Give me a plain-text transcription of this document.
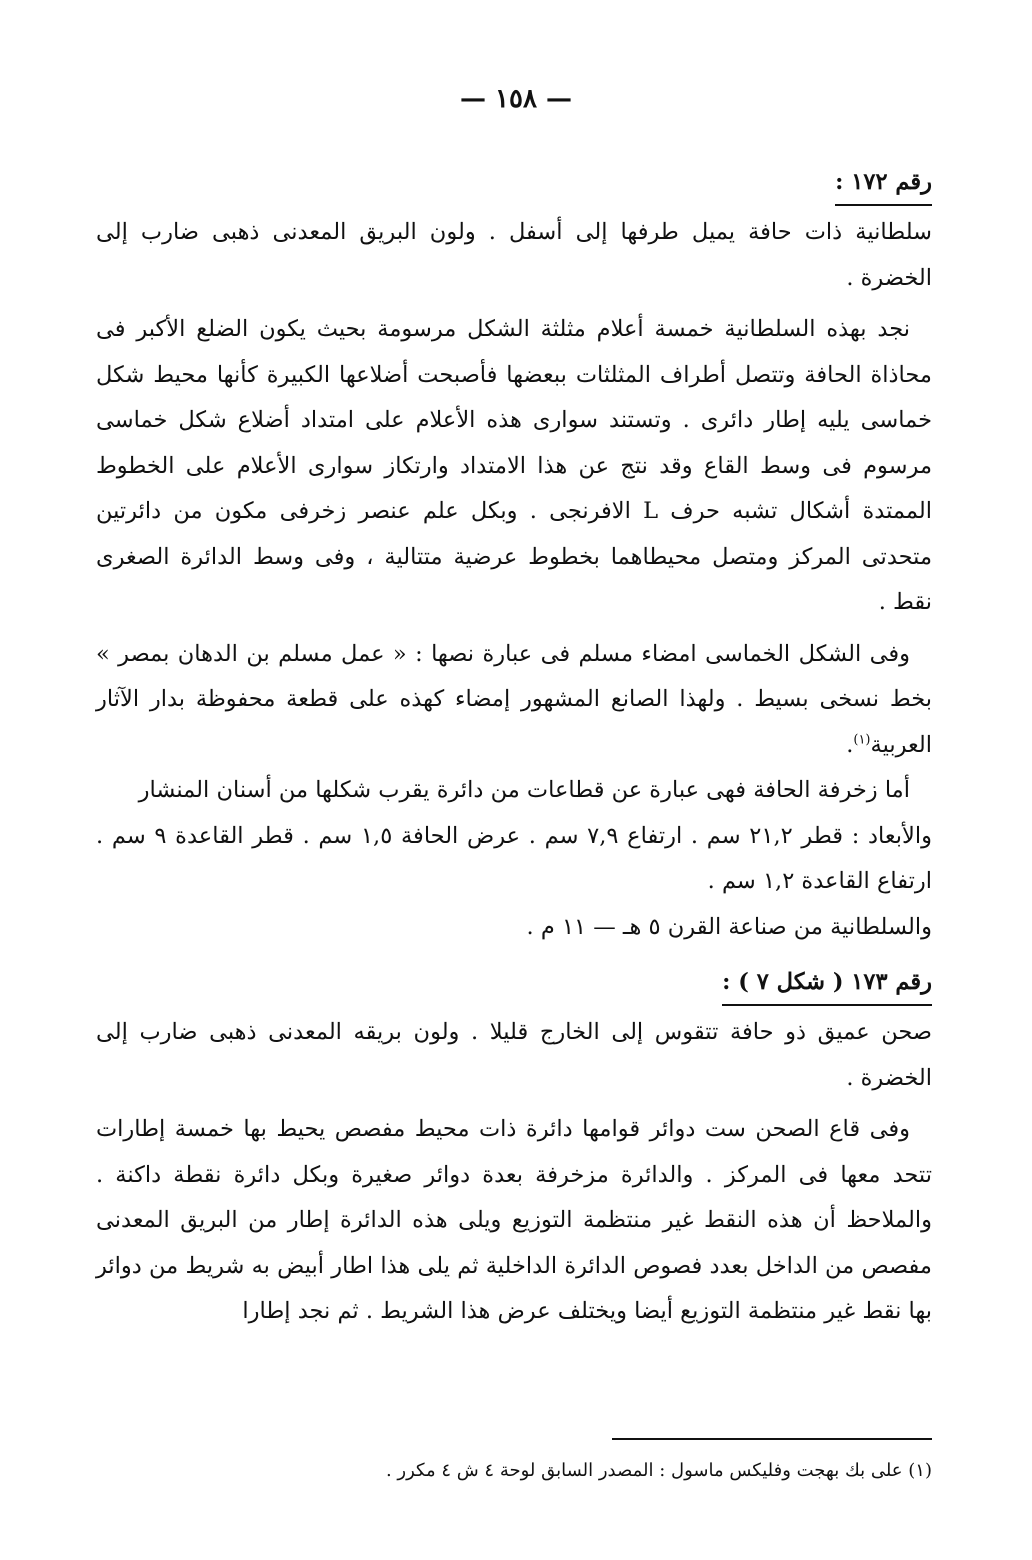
— ١٥٨ —
رقم ١٧٢ :

سلطانية ذات حافة يميل طرفها إلى أسفل . ولون البريق المعدنى ذهبى ضارب إلى الخضرة .

نجد بهذه السلطانية خمسة أعلام مثلثة الشكل مرسومة بحيث يكون الضلع الأكبر فى محاذاة الحافة وتتصل أطراف المثلثات ببعضها فأصبحت أضلاعها الكبيرة كأنها محيط شكل خماسى يليه إطار دائرى . وتستند سوارى هذه الأعلام على امتداد أضلاع شكل خماسى مرسوم فى وسط القاع وقد نتج عن هذا الامتداد وارتكاز سوارى الأعلام على الخطوط الممتدة أشكال تشبه حرف L الافرنجى . وبكل علم عنصر زخرفى مكون من دائرتين متحدتى المركز ومتصل محيطاهما بخطوط عرضية متتالية ، وفى وسط الدائرة الصغرى نقط .

وفى الشكل الخماسى امضاء مسلم فى عبارة نصها : « عمل مسلم بن الدهان بمصر » بخط نسخى بسيط . ولهذا الصانع المشهور إمضاء كهذه على قطعة محفوظة بدار الآثار العربية$^{(١)}$.

أما زخرفة الحافة فهى عبارة عن قطاعات من دائرة يقرب شكلها من أسنان المنشار

والأبعاد : قطر ٢١,٢ سم . ارتفاع ٧,٩ سم . عرض الحافة ١,٥ سم . قطر القاعدة ٩ سم . ارتفاع القاعدة ١,٢ سم .

والسلطانية من صناعة القرن ٥ هـ — ١١ م .

رقم ١٧٣ ( شكل ٧ ) :

صحن عميق ذو حافة تتقوس إلى الخارج قليلا . ولون بريقه المعدنى ذهبى ضارب إلى الخضرة .

وفى قاع الصحن ست دوائر قوامها دائرة ذات محيط مفصص يحيط بها خمسة إطارات تتحد معها فى المركز . والدائرة مزخرفة بعدة دوائر صغيرة وبكل دائرة نقطة داكنة . والملاحظ أن هذه النقط غير منتظمة التوزيع ويلى هذه الدائرة إطار من البريق المعدنى مفصص من الداخل بعدد فصوص الدائرة الداخلية ثم يلى هذا اطار أبيض به شريط من دوائر بها نقط غير منتظمة التوزيع أيضا ويختلف عرض هذا الشريط . ثم نجد إطارا

(١) على بك بهجت وفليكس ماسول : المصدر السابق لوحة ٤ ش ٤ مكرر .
